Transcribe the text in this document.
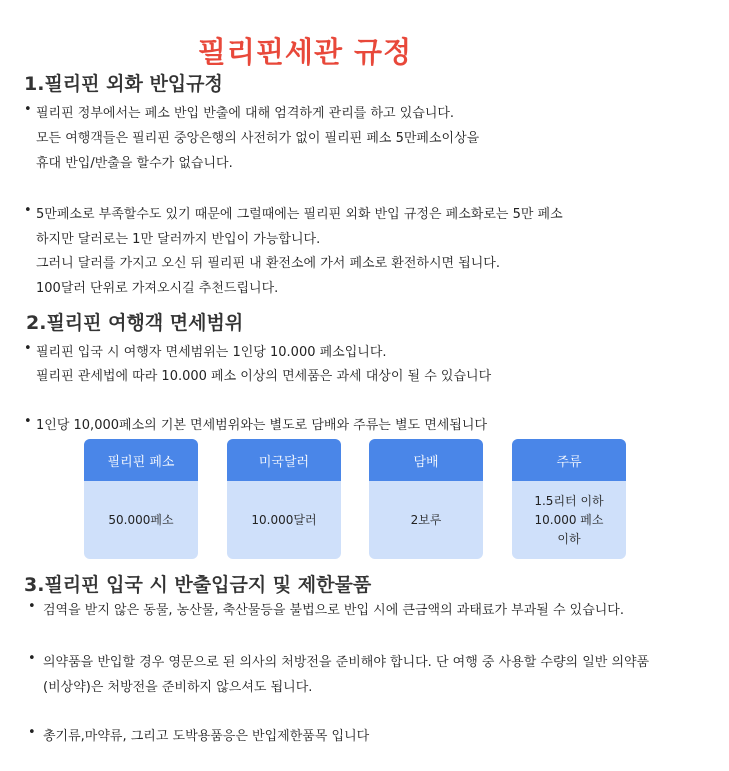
필리핀세관 규정
1.필리핀 외화 반입규정
• 필리핀 정부에서는 페소 반입 반출에 대해 엄격하게 관리를 하고 있습니다.
모든 여행객들은 필리핀 중앙은행의 사전허가 없이 필리핀 페소 5만페소이상을
휴대 반입/반출을 할수가 없습니다.
• 5만페소로 부족할수도 있기 때문에 그럴때에는 필리핀 외화 반입 규정은 페소화로는 5만 페소
하지만 달러로는 1만 달러까지 반입이 가능합니다.
그러니 달러를 가지고 오신 뒤 필리핀 내 환전소에 가서 페소로 환전하시면 됩니다.
100달러 단위로 가져오시길 추천드립니다.
2.필리핀 여행객 면세범위
• 필리핀 입국 시 여행자 면세범위는 1인당 10.000 페소입니다.
필리핀 관세법에 따라 10.000 페소 이상의 면세품은 과세 대상이 될 수 있습니다
• 1인당 10,000페소의 기본 면세범위와는 별도로 담배와 주류는 별도 면세됩니다
필리핀 페소
50.000페소
미국달러
10.000달러
담배
2보루
주류
1.5리터 이하
10.000 페소
이하
3.필리핀 입국 시 반출입금지 및 제한물품
• 검역을 받지 않은 동물, 농산물, 축산물등을 불법으로 반입 시에 큰금액의 과태료가 부과될 수 있습니다.
• 의약품을 반입할 경우 영문으로 된 의사의 처방전을 준비해야 합니다. 단 여행 중 사용할 수량의 일반 의약품
(비상약)은 처방전을 준비하지 않으셔도 됩니다.
• 총기류,마약류, 그리고 도박용품응은 반입제한품목 입니다
